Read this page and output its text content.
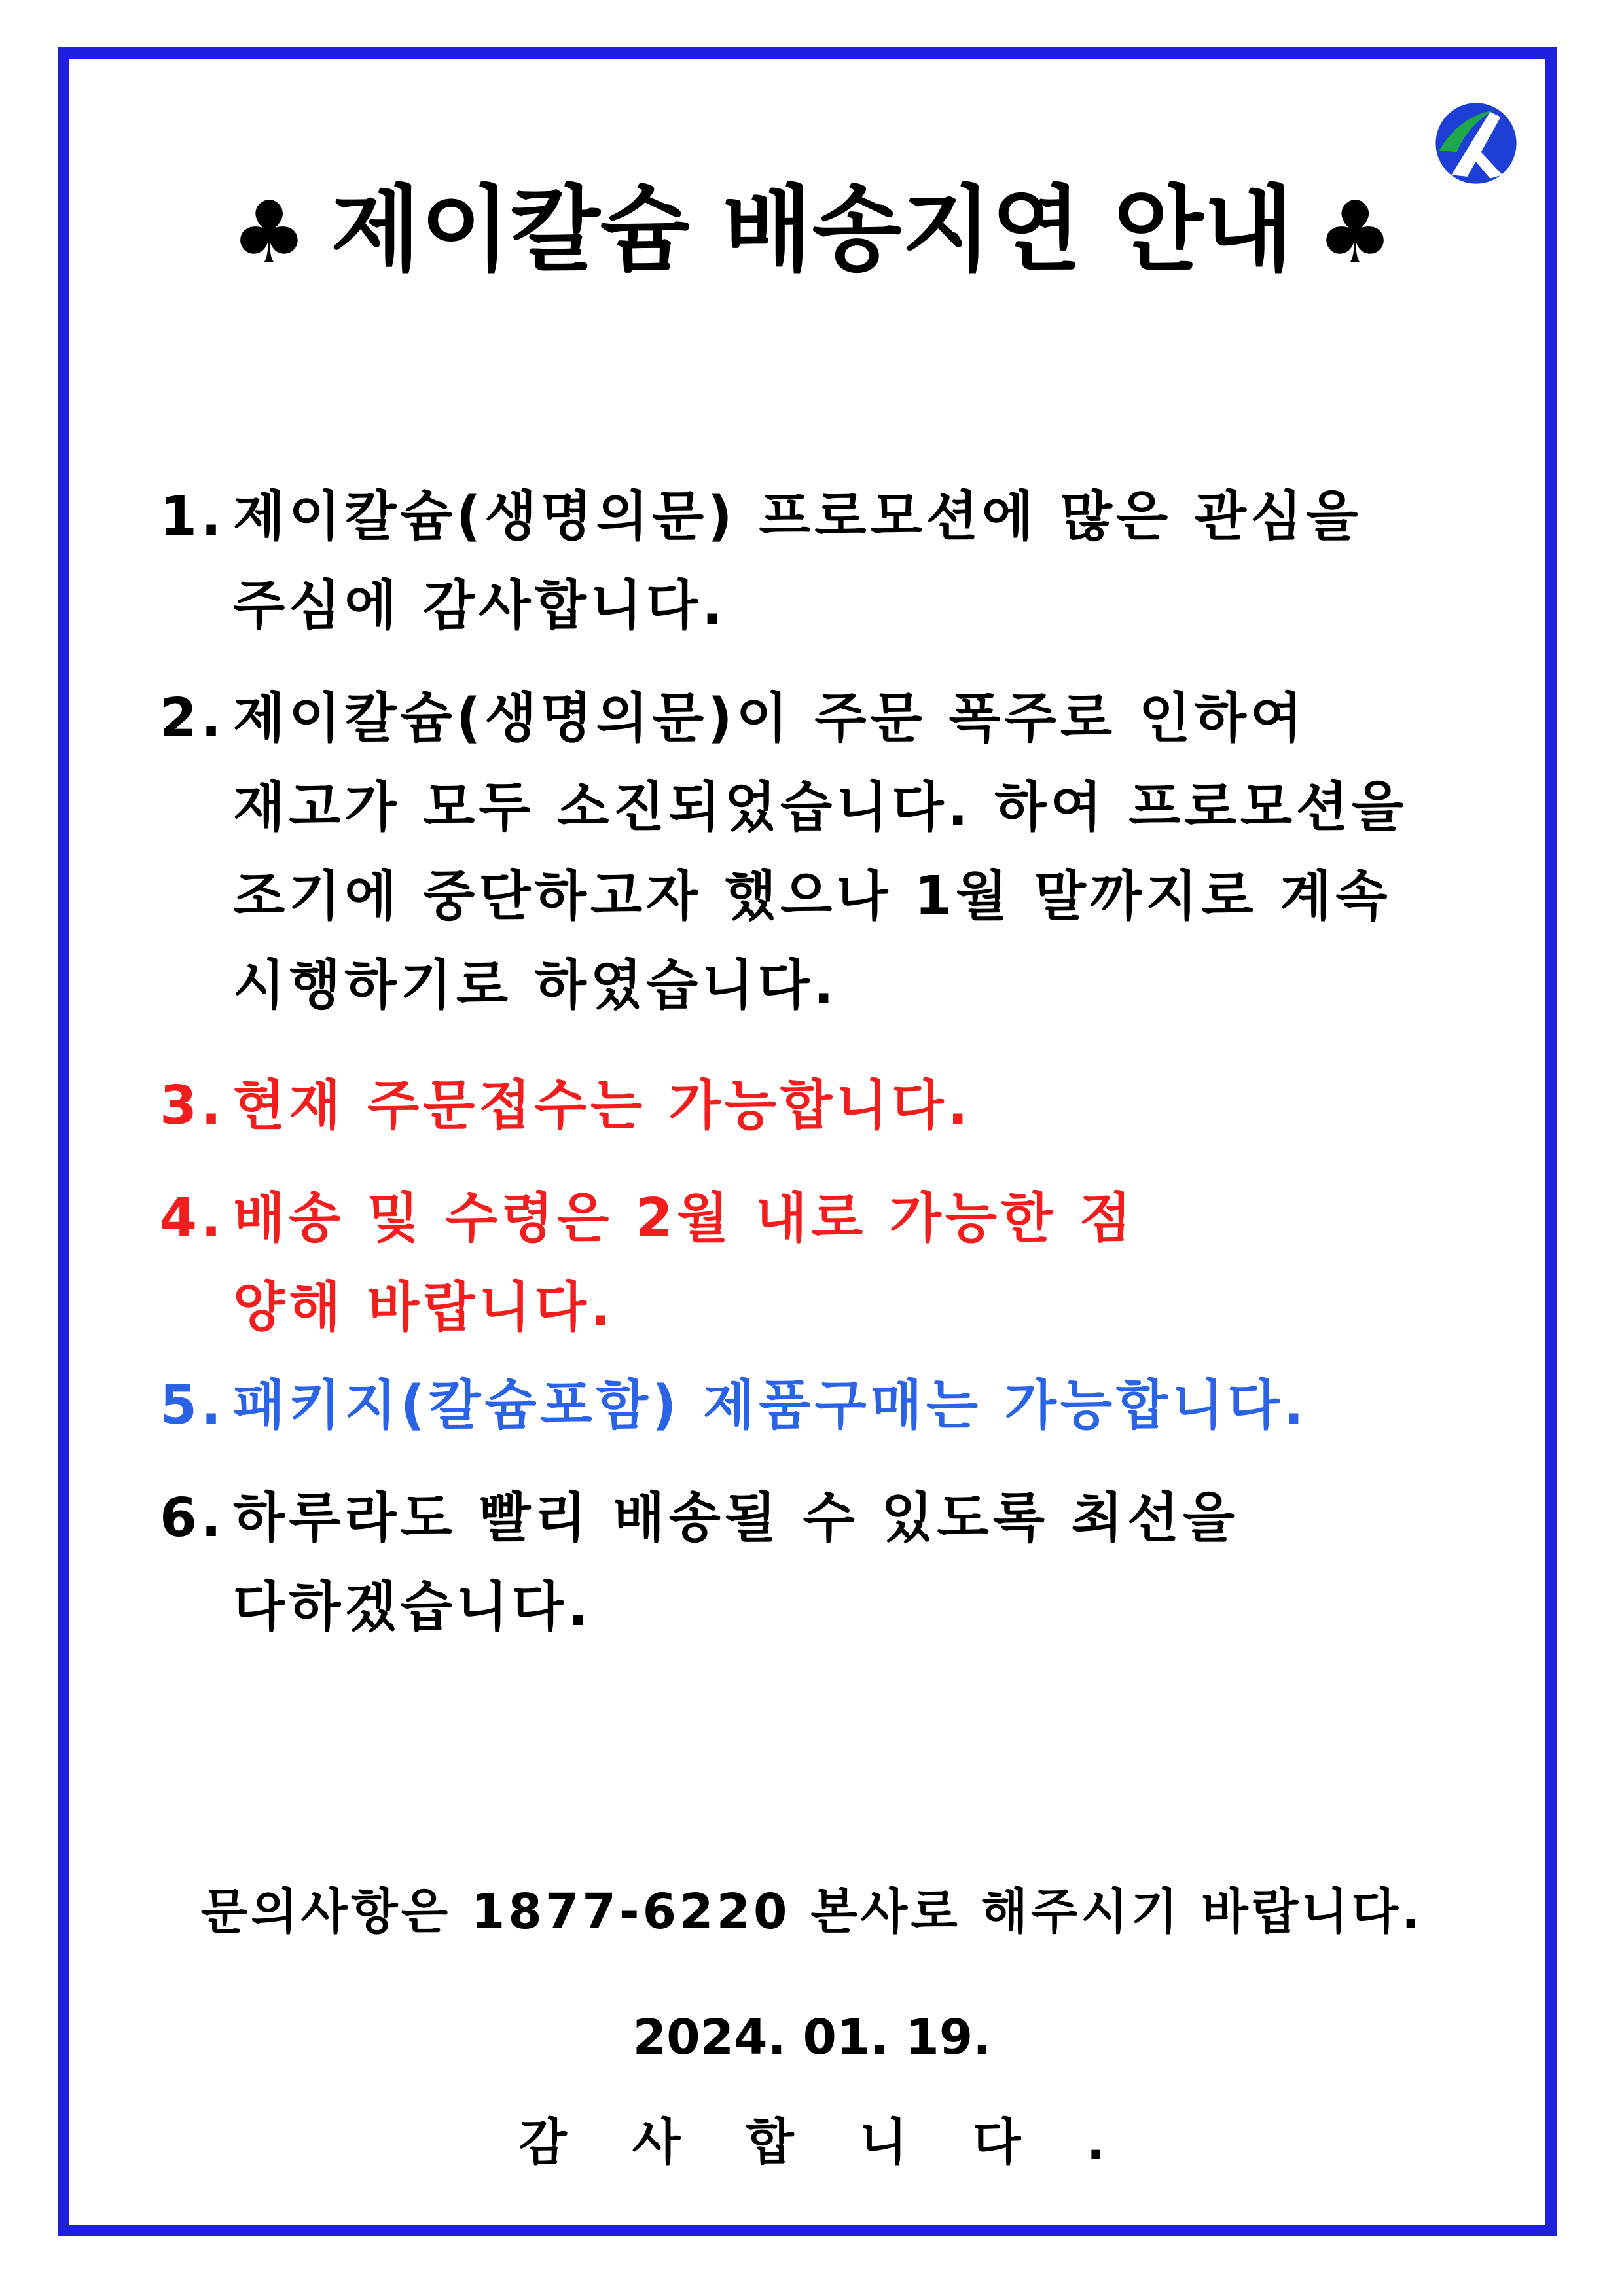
♣ 제이칼슘 배송지연 안내 ♣
1. 제이칼슘(생명의문) 프로모션에 많은 관심을
주심에 감사합니다.
2. 제이칼슘(생명의문)이 주문 폭주로 인하여
재고가 모두 소진되었습니다. 하여 프로모션을
조기에 중단하고자 했으나 1월 말까지로 계속
시행하기로 하였습니다.
3. 현재 주문접수는 가능합니다.
4. 배송 및 수령은 2월 내로 가능한 점
양해 바랍니다.
5. 패키지(칼슘포함) 제품구매는 가능합니다.
6. 하루라도 빨리 배송될 수 있도록 최선을
다하겠습니다.
문의사항은 1877-6220 본사로 해주시기 바랍니다.
2024. 01. 19.
감사합니다.
